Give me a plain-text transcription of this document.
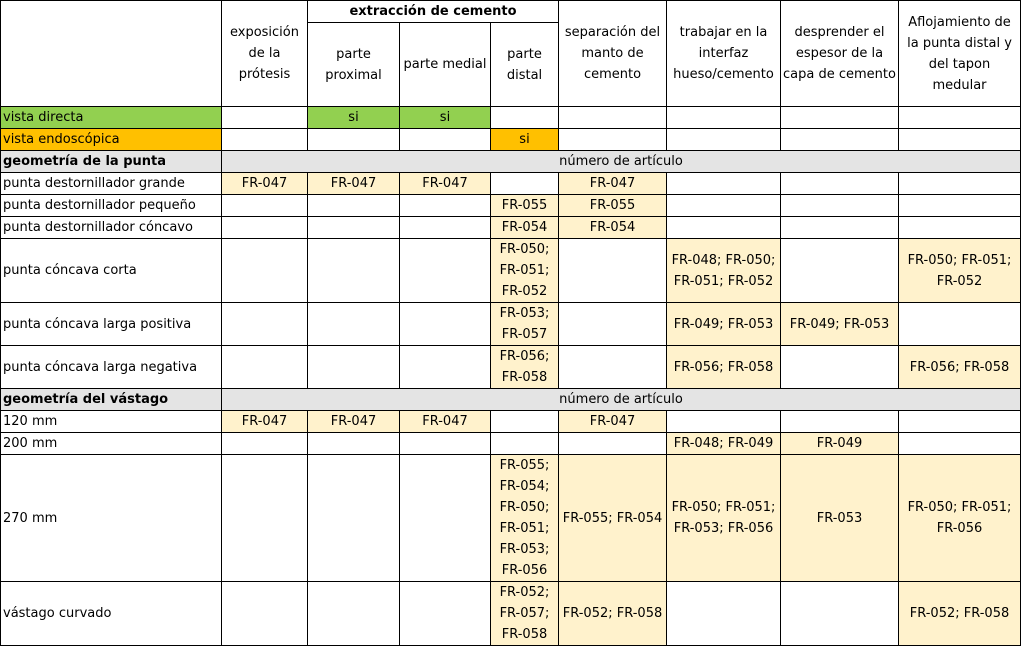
	exposición de la prótesis	extracción de cemento			separación del manto de cemento	trabajar en la interfaz hueso/cemento	desprender el espesor de la capa de cemento	Aflojamiento de la punta distal y del tapon medular
		parte proximal	parte medial	parte distal				
vista directa		si	si					
vista endoscópica				si				
geometría de la punta	número de artículo							
punta destornillador grande	FR-047	FR-047	FR-047		FR-047			
punta destornillador pequeño				FR-055	FR-055			
punta destornillador cóncavo				FR-054	FR-054			
punta cóncava corta				FR-050; FR-051; FR-052		FR-048; FR-050; FR-051; FR-052		FR-050; FR-051; FR-052
punta cóncava larga positiva				FR-053; FR-057		FR-049; FR-053	FR-049; FR-053	
punta cóncava larga negativa				FR-056; FR-058		FR-056; FR-058		FR-056; FR-058
geometría del vástago	número de artículo							
120 mm	FR-047	FR-047	FR-047		FR-047			
200 mm						FR-048; FR-049	FR-049	
270 mm				FR-055; FR-054; FR-050; FR-051; FR-053; FR-056	FR-055; FR-054	FR-050; FR-051; FR-053; FR-056	FR-053	FR-050; FR-051; FR-056
vástago curvado				FR-052; FR-057; FR-058	FR-052; FR-058			FR-052; FR-058
